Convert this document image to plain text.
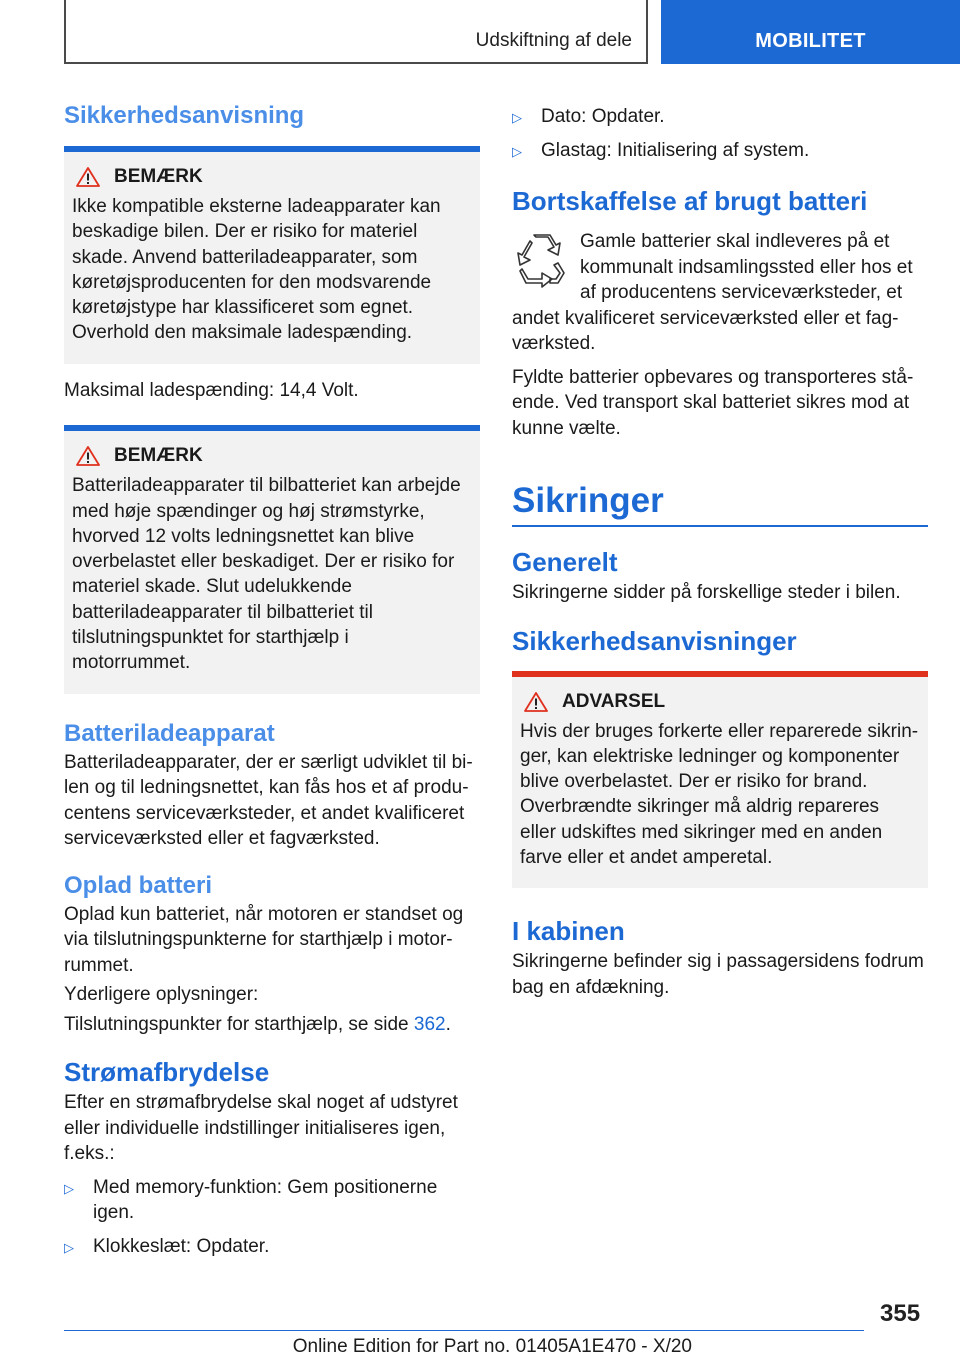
Udskiftning af dele	MOBILITET
Sikkerhedsanvisning
BEMÆRK

Ikke kompatible eksterne ladeapparater kan beskadige bilen. Der er risiko for materiel skade. Anvend batteriladeapparater, som køretøjsproducenten for den modsvarende køretøjstype har klassificeret som egnet. Overhold den maksimale ladespænding.

Maksimal ladespænding: 14,4 Volt.

BEMÆRK

Batteriladeapparater til bilbatteriet kan arbejde med høje spændinger og høj strømstyrke, hvorved 12 volts ledningsnettet kan blive overbelastet eller beskadiget. Der er risiko for materiel skade. Slut udelukkende batteriladeapparater til bilbatteriet til tilslutningspunktet for starthjælp i motorrummet.

Batteriladeapparat

Batteriladeapparater, der er særligt udviklet til bilen og til ledningsnettet, kan fås hos et af producentens serviceværksteder, et andet kvalificeret serviceværksted eller et fagværksted.

Oplad batteri

Oplad kun batteriet, når motoren er standset og via tilslutningspunkterne for starthjælp i motorrummet.

Yderligere oplysninger:

Tilslutningspunkter for starthjælp, se side 362.

Strømafbrydelse

Efter en strømafbrydelse skal noget af udstyret eller individuelle indstillinger initialiseres igen, f.eks.:

▷	Med memory-funktion: Gem positionerne igen.
▷	Klokkeslæt: Opdater.
▷	Dato: Opdater.
▷	Glastag: Initialisering af system.
Bortskaffelse af brugt batteri

Gamle batterier skal indleveres på et kommunalt indsamlingssted eller hos et af producentens serviceværksteder, et andet kvalificeret serviceværksted eller et fagværksted.

Fyldte batterier opbevares og transporteres stående. Ved transport skal batteriet sikres mod at kunne vælte.

Sikringer
Generelt

Sikringerne sidder på forskellige steder i bilen.

Sikkerhedsanvisninger
ADVARSEL

Hvis der bruges forkerte eller reparerede sikringer, kan elektriske ledninger og komponenter blive overbelastet. Der er risiko for brand. Overbrændte sikringer må aldrig repareres eller udskiftes med sikringer med en anden farve eller et andet amperetal.

I kabinen

Sikringerne befinder sig i passagersidens fodrum bag en afdækning.

355
Online Edition for Part no. 01405A1E470 - X/20
